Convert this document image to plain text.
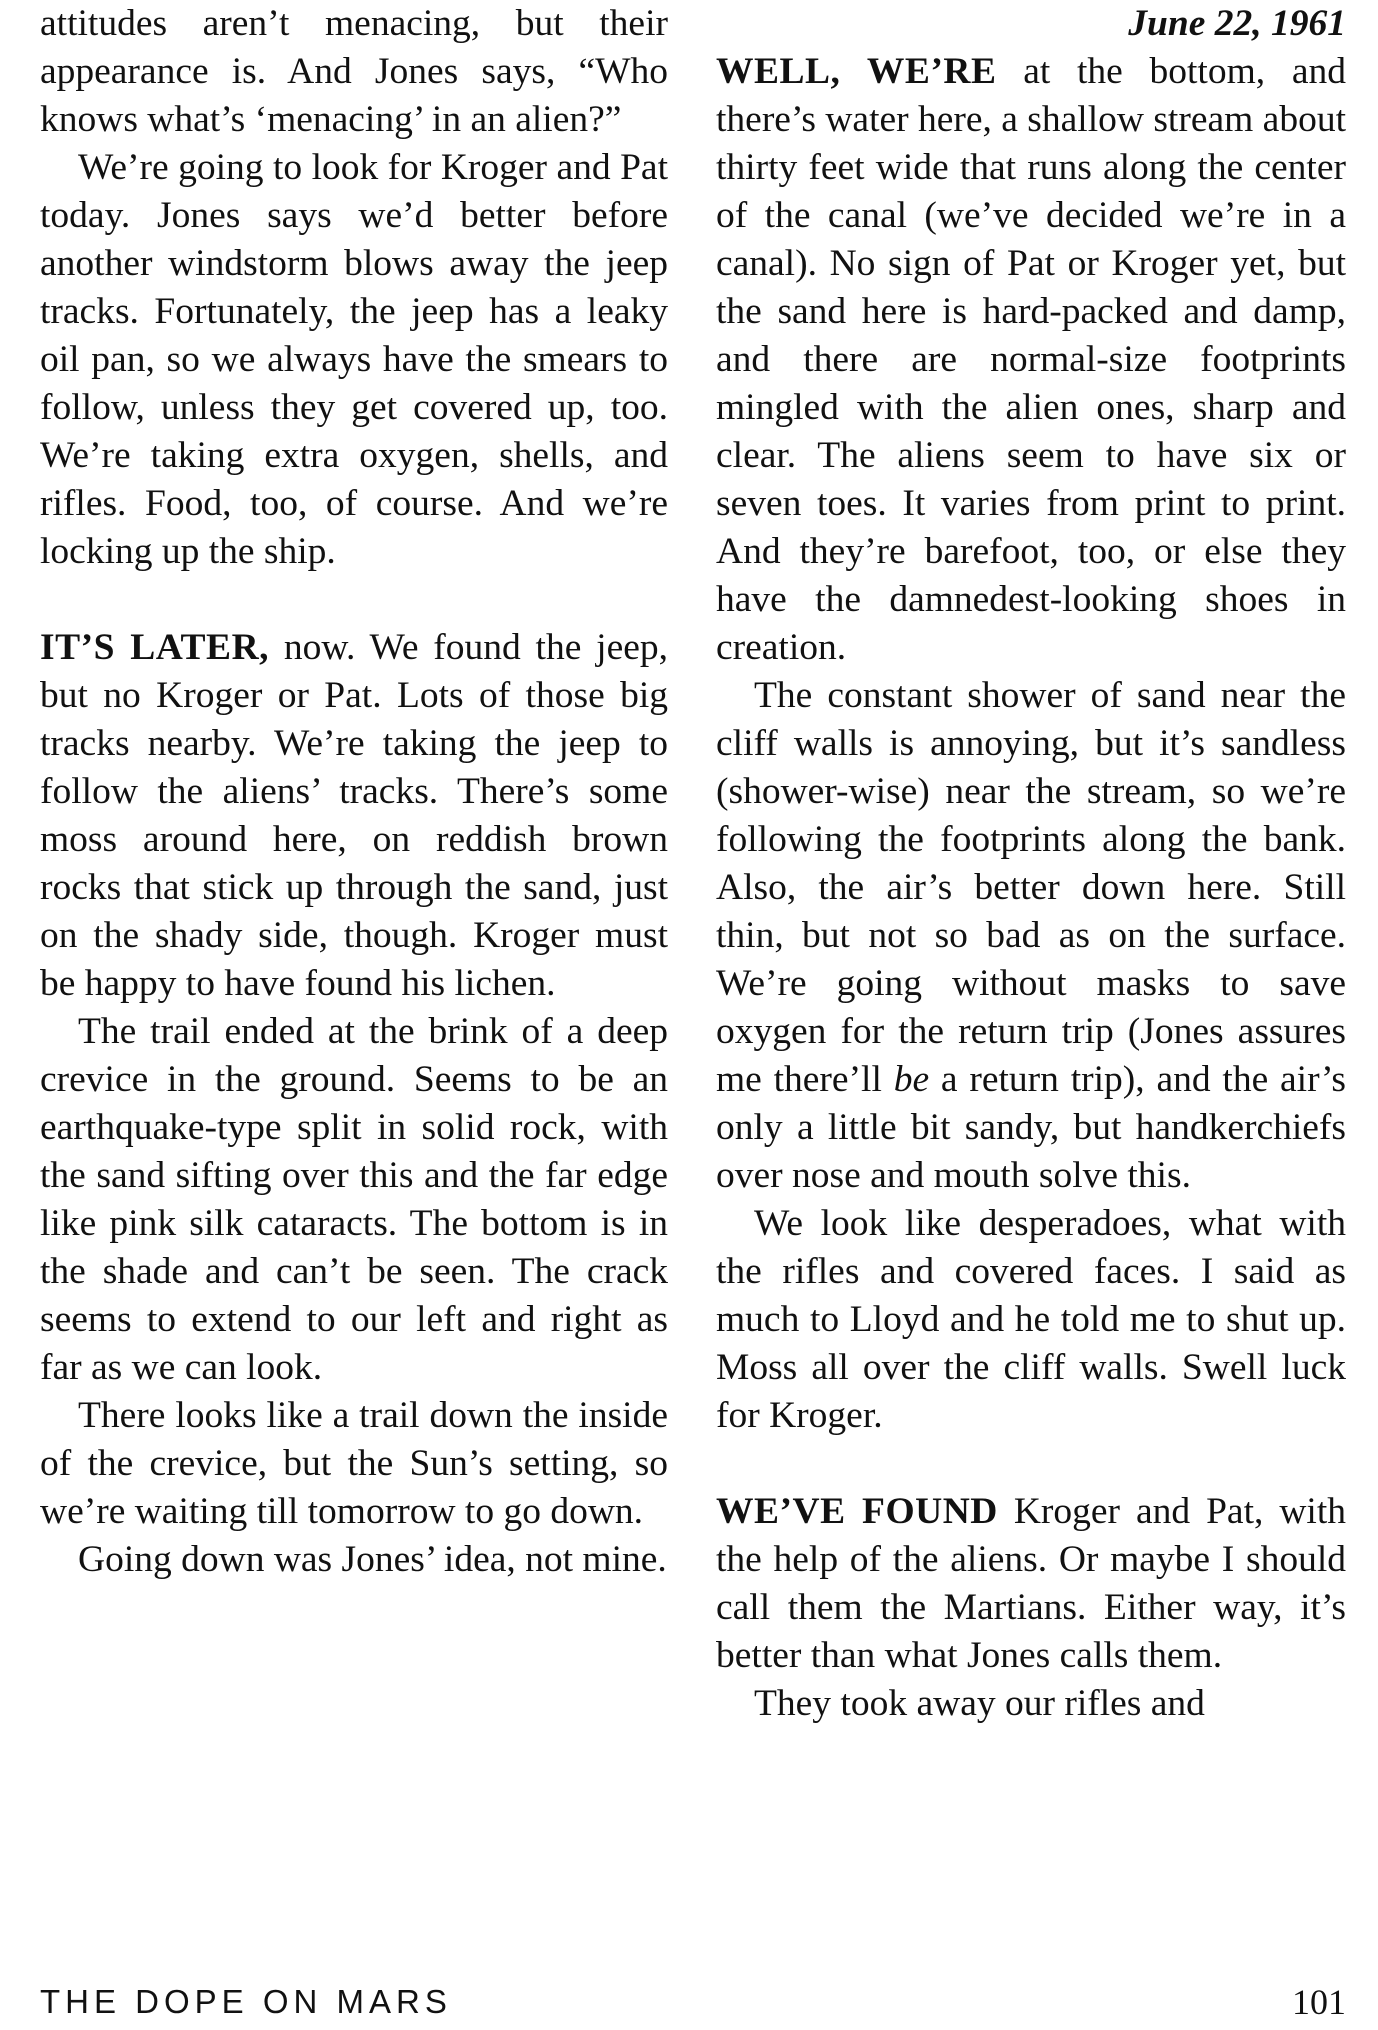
attitudes aren’t menacing, but their appearance is. And Jones says, “Who knows what’s ‘menacing’ in an alien?”

We’re going to look for Kroger and Pat today. Jones says we’d better before another windstorm blows away the jeep tracks. Fortunately, the jeep has a leaky oil pan, so we always have the smears to follow, unless they get covered up, too. We’re taking extra oxygen, shells, and rifles. Food, too, of course. And we’re locking up the ship.

IT’S LATER, now. We found the jeep, but no Kroger or Pat. Lots of those big tracks nearby. We’re taking the jeep to follow the aliens’ tracks. There’s some moss around here, on reddish brown rocks that stick up through the sand, just on the shady side, though. Kroger must be happy to have found his lichen.

The trail ended at the brink of a deep crevice in the ground. Seems to be an earthquake-type split in solid rock, with the sand sifting over this and the far edge like pink silk cataracts. The bottom is in the shade and can’t be seen. The crack seems to extend to our left and right as far as we can look.

There looks like a trail down the inside of the crevice, but the Sun’s setting, so we’re waiting till tomorrow to go down.

Going down was Jones’ idea, not mine.

June 22, 1961

WELL, WE’RE at the bottom, and there’s water here, a shallow stream about thirty feet wide that runs along the center of the canal (we’ve decided we’re in a canal). No sign of Pat or Kroger yet, but the sand here is hard-packed and damp, and there are normal-size footprints mingled with the alien ones, sharp and clear. The aliens seem to have six or seven toes. It varies from print to print. And they’re barefoot, too, or else they have the damnedest-looking shoes in creation.

The constant shower of sand near the cliff walls is annoying, but it’s sandless (shower-wise) near the stream, so we’re following the footprints along the bank. Also, the air’s better down here. Still thin, but not so bad as on the surface. We’re going without masks to save oxygen for the return trip (Jones assures me there’ll be a return trip), and the air’s only a little bit sandy, but handkerchiefs over nose and mouth solve this.

We look like desperadoes, what with the rifles and covered faces. I said as much to Lloyd and he told me to shut up. Moss all over the cliff walls. Swell luck for Kroger.

WE’VE FOUND Kroger and Pat, with the help of the aliens. Or maybe I should call them the Martians. Either way, it’s better than what Jones calls them.

They took away our rifles and

THE DOPE ON MARS	101
